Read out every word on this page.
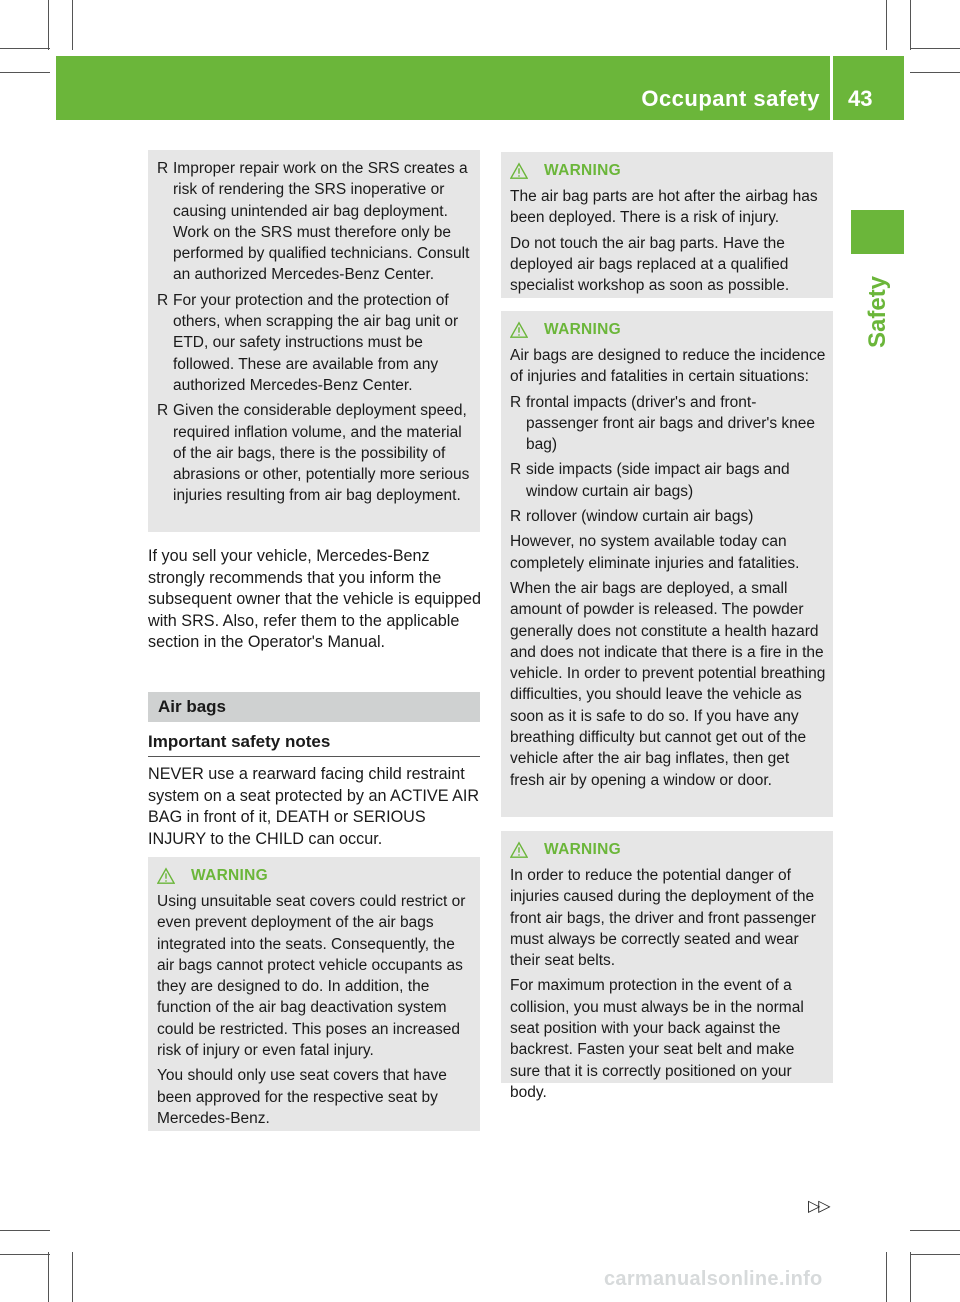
Occupant safety 43
Safety
R Improper repair work on the SRS creates a risk of rendering the SRS inoperative or causing unintended air bag deployment. Work on the SRS must therefore only be performed by qualified technicians. Consult an authorized Mercedes-Benz Center.
R For your protection and the protection of others, when scrapping the air bag unit or ETD, our safety instructions must be followed. These are available from any authorized Mercedes-Benz Center.
R Given the considerable deployment speed, required inflation volume, and the material of the air bags, there is the possibility of abrasions or other, potentially more serious injuries resulting from air bag deployment.

If you sell your vehicle, Mercedes-Benz strongly recommends that you inform the subsequent owner that the vehicle is equipped with SRS. Also, refer them to the applicable section in the Operator's Manual.

Air bags
Important safety notes

NEVER use a rearward facing child restraint system on a seat protected by an ACTIVE AIR BAG in front of it, DEATH or SERIOUS INJURY to the CHILD can occur.

WARNING

Using unsuitable seat covers could restrict or even prevent deployment of the air bags integrated into the seats. Consequently, the air bags cannot protect vehicle occupants as they are designed to do. In addition, the function of the air bag deactivation system could be restricted. This poses an increased risk of injury or even fatal injury.

You should only use seat covers that have been approved for the respective seat by Mercedes-Benz.

WARNING

The air bag parts are hot after the airbag has been deployed. There is a risk of injury.

Do not touch the air bag parts. Have the deployed air bags replaced at a qualified specialist workshop as soon as possible.

WARNING

Air bags are designed to reduce the incidence of injuries and fatalities in certain situations:

R frontal impacts (driver's and front-passenger front air bags and driver's knee bag)
R side impacts (side impact air bags and window curtain air bags)
R rollover (window curtain air bags)

However, no system available today can completely eliminate injuries and fatalities.

When the air bags are deployed, a small amount of powder is released. The powder generally does not constitute a health hazard and does not indicate that there is a fire in the vehicle. In order to prevent potential breathing difficulties, you should leave the vehicle as soon as it is safe to do so. If you have any breathing difficulty but cannot get out of the vehicle after the air bag inflates, then get fresh air by opening a window or door.

WARNING

In order to reduce the potential danger of injuries caused during the deployment of the front air bags, the driver and front passenger must always be correctly seated and wear their seat belts.

For maximum protection in the event of a collision, you must always be in the normal seat position with your back against the backrest. Fasten your seat belt and make sure that it is correctly positioned on your body.

▷▷
carmanualsonline.info
